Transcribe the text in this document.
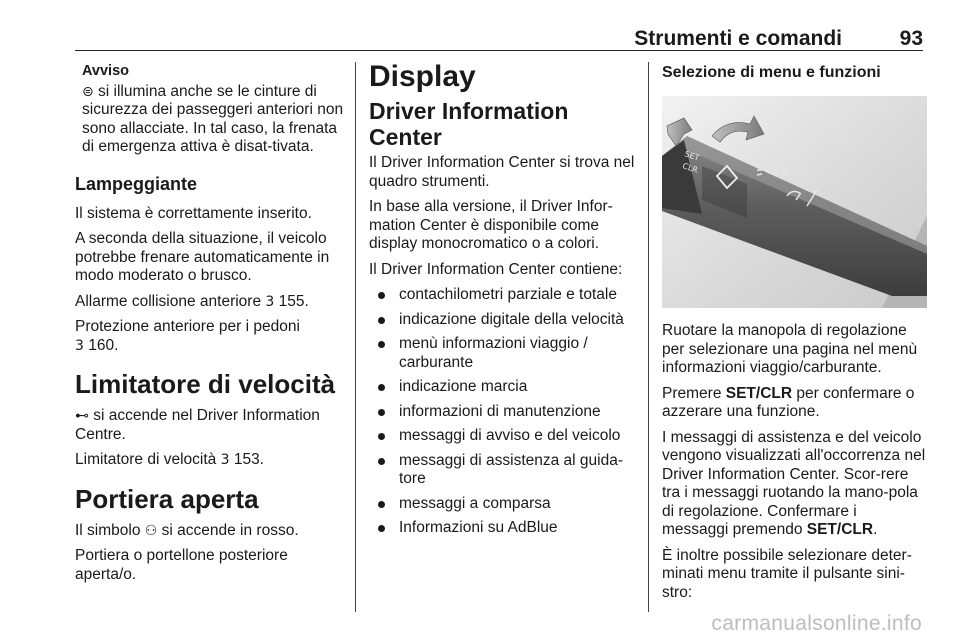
Strumenti e comandi	93
Avviso

⊜ si illumina anche se le cinture di sicurezza dei passeggeri anteriori non sono allacciate. In tal caso, la frenata di emergenza attiva è disat-tivata.

Lampeggiante

Il sistema è correttamente inserito.

A seconda della situazione, il veicolo potrebbe frenare automaticamente in modo moderato o brusco.

Allarme collisione anteriore 3 155.

Protezione anteriore per i pedoni
3 160.

Limitatore di velocità

⊷ si accende nel Driver Information Centre.

Limitatore di velocità 3 153.

Portiera aperta

Il simbolo ⚇ si accende in rosso.

Portiera o portellone posteriore aperta/o.

Display
Driver Information Center

Il Driver Information Center si trova nel quadro strumenti.

In base alla versione, il Driver Infor-mation Center è disponibile come display monocromatico o a colori.

Il Driver Information Center contiene:

contachilometri parziale e totale
indicazione digitale della velocità
menù informazioni viaggio / carburante
indicazione marcia
informazioni di manutenzione
messaggi di avviso e del veicolo
messaggi di assistenza al guida-tore
messaggi a comparsa
Informazioni su AdBlue
Selezione di menu e funzioni
SET
CLR

Ruotare la manopola di regolazione per selezionare una pagina nel menù informazioni viaggio/carburante.

Premere SET/CLR per confermare o azzerare una funzione.

I messaggi di assistenza e del veicolo vengono visualizzati all'occorrenza nel Driver Information Center. Scor-rere tra i messaggi ruotando la mano-pola di regolazione. Confermare i messaggi premendo SET/CLR.

È inoltre possibile selezionare deter-minati menu tramite il pulsante sini-stro:

carmanualsonline.info
